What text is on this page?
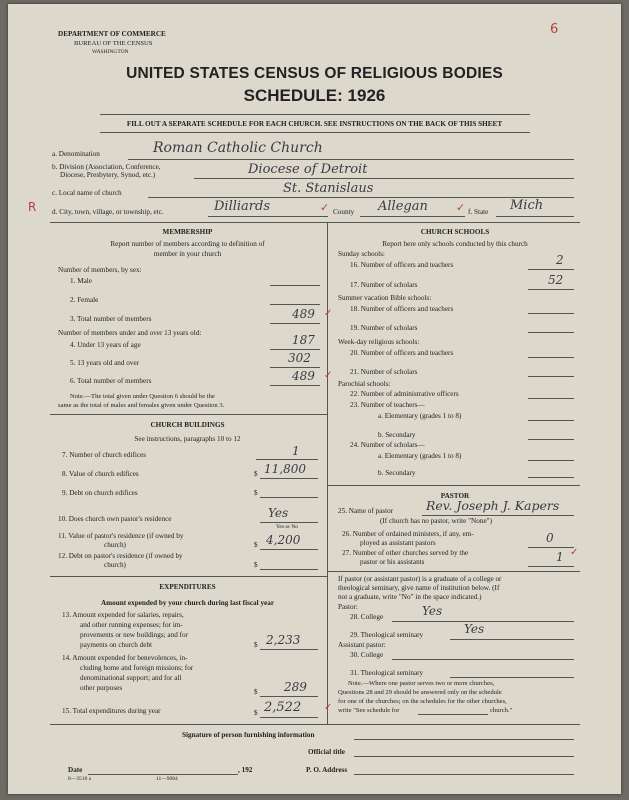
DEPARTMENT OF COMMERCE
BUREAU OF THE CENSUS
WASHINGTON
6
UNITED STATES CENSUS OF RELIGIOUS BODIES
SCHEDULE: 1926
FILL OUT A SEPARATE SCHEDULE FOR EACH CHURCH. SEE INSTRUCTIONS ON THE BACK OF THIS SHEET
a. Denomination	Roman Catholic Church
b. Division (Association, Conference,
Diocese, Presbytery, Synod, etc.)	Diocese of Detroit
c. Local name of church	St. Stanislaus
R d. City, town, village, or township, etc.	Dilliards	✓ County Allegan	✓ f. State Mich
MEMBERSHIP
Report number of members according to definition of
member in your church
Number of members, by sex:
1. Male
2. Female
3. Total number of members	489 ✓
Number of members under and over 13 years old:
4. Under 13 years of age	187
5. 13 years old and over	302
6. Total number of members	489 ✓
Note.—The total given under Question 6 should be the
same as the total of males and females given under Question 3.
CHURCH BUILDINGS
See instructions, paragraphs 10 to 12
7. Number of church edifices	1
8. Value of church edifices	$ 11,800
9. Debt on church edifices	$
10. Does church own pastor's residence	Yes
Yes or No
11. Value of pastor's residence (if owned by
church)	$ 4,200
12. Debt on pastor's residence (if owned by
church)	$
EXPENDITURES
Amount expended by your church during last fiscal year
13. Amount expended for salaries, repairs,
and other running expenses; for im-
provements or new buildings; and for
payments on church debt	$ 2,233
14. Amount expended for benevolences, in-
cluding home and foreign missions; for
denominational support; and for all
other purposes	$ 289
15. Total expenditures during year	$ 2,522 ✓
CHURCH SCHOOLS
Report here only schools conducted by this church
Sunday schools:
16. Number of officers and teachers	2
17. Number of scholars	52
Summer vacation Bible schools:
18. Number of officers and teachers
19. Number of scholars
Week-day religious schools:
20. Number of officers and teachers
21. Number of scholars
Parochial schools:
22. Number of administrative officers
23. Number of teachers—
a. Elementary (grades 1 to 8)
b. Secondary
24. Number of scholars—
a. Elementary (grades 1 to 8)
b. Secondary
PASTOR
25. Name of pastor	Rev. Joseph J. Kapers
(If church has no pastor, write "None")
26. Number of ordained ministers, if any, em-
ployed as assistant pastors	0
27. Number of other churches served by the
pastor or his assistants	1 ✓
If pastor (or assistant pastor) is a graduate of a college or
theological seminary, give name of institution below. (If
not a graduate, write "No" in the space indicated.)
Pastor:
28. College	Yes
29. Theological seminary	Yes
Assistant pastor:
30. College
31. Theological seminary
Note.—Where one pastor serves two or more churches,
Questions 28 and 29 should be answered only on the schedule
for one of the churches; on the schedules for the other churches,
write "See schedule for	church."
Signature of person furnishing information
Official title
Date	, 192	P. O. Address
8—3518 a	11—9084
